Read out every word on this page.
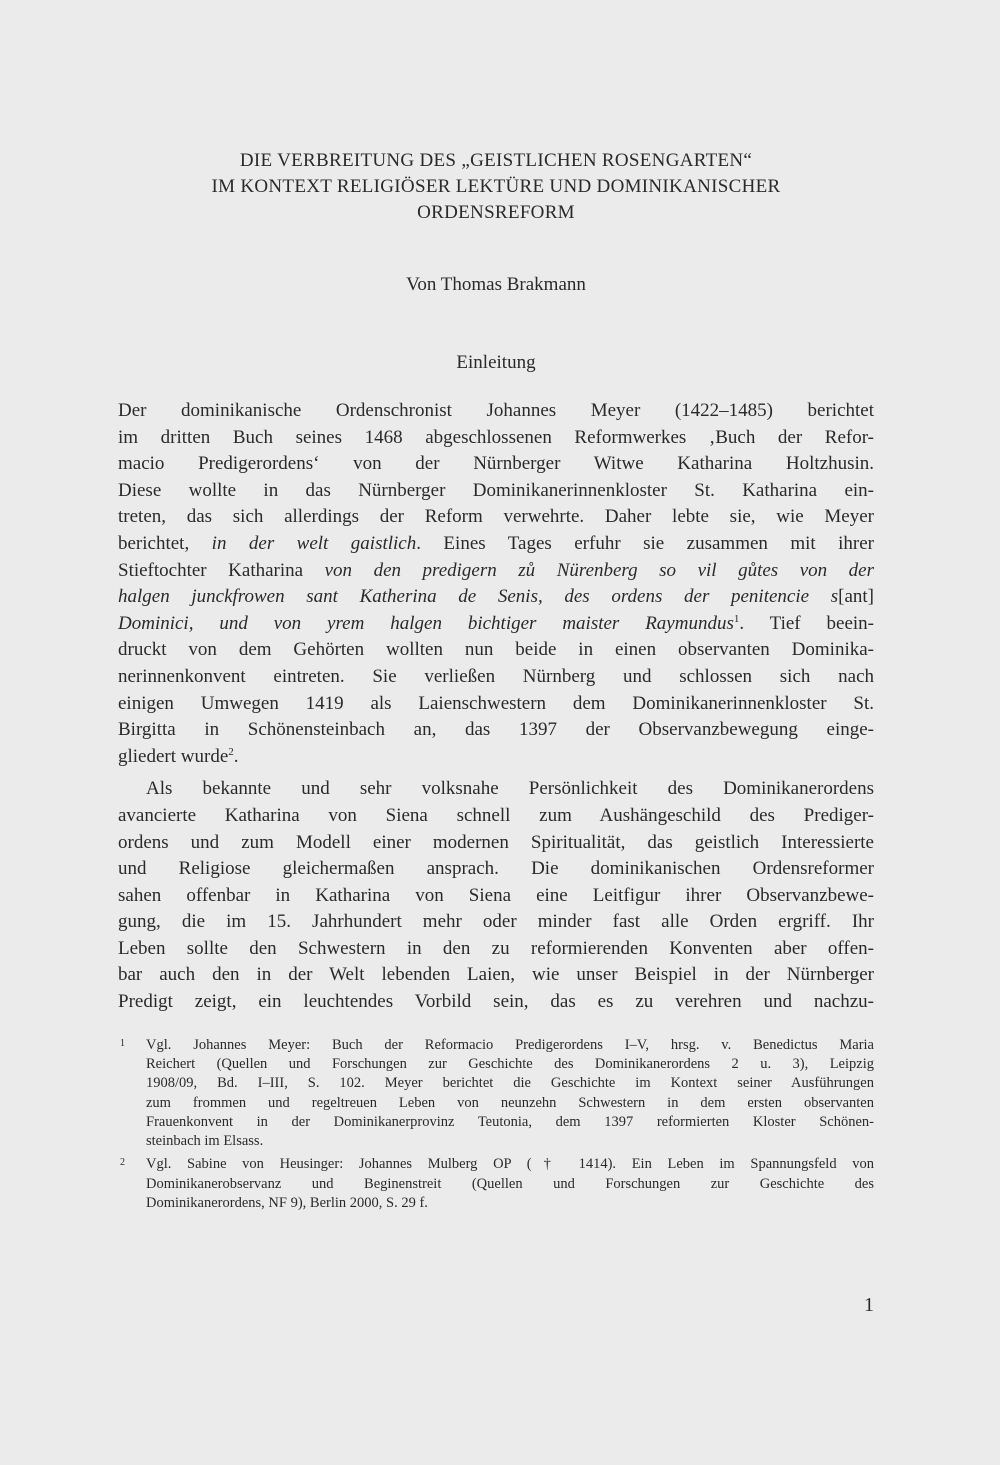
DIE VERBREITUNG DES „GEISTLICHEN ROSENGARTEN“
IM KONTEXT RELIGIÖSER LEKTÜRE UND DOMINIKANISCHER
ORDENSREFORM
Von Thomas Brakmann
Einleitung
Der dominikanische Ordenschronist Johannes Meyer (1422–1485) berichtet
im dritten Buch seines 1468 abgeschlossenen Reformwerkes ‚Buch der Refor-
macio Predigerordens‘ von der Nürnberger Witwe Katharina Holtzhusin.
Diese wollte in das Nürnberger Dominikanerinnenkloster St. Katharina ein-
treten, das sich allerdings der Reform verwehrte. Daher lebte sie, wie Meyer
berichtet, in der welt gaistlich. Eines Tages erfuhr sie zusammen mit ihrer
Stieftochter Katharina von den predigern zů Nürenberg so vil gůtes von der
halgen junckfrowen sant Katherina de Senis, des ordens der penitencie s[ant]
Dominici, und von yrem halgen bichtiger maister Raymundus$^1$. Tief beein-
druckt von dem Gehörten wollten nun beide in einen observanten Dominika-
nerinnenkonvent eintreten. Sie verließen Nürnberg und schlossen sich nach
einigen Umwegen 1419 als Laienschwestern dem Dominikanerinnenkloster St.
Birgitta in Schönensteinbach an, das 1397 der Observanzbewegung einge-
gliedert wurde$^2$.
Als bekannte und sehr volksnahe Persönlichkeit des Dominikanerordens
avancierte Katharina von Siena schnell zum Aushängeschild des Prediger-
ordens und zum Modell einer modernen Spiritualität, das geistlich Interessierte
und Religiose gleichermaßen ansprach. Die dominikanischen Ordensreformer
sahen offenbar in Katharina von Siena eine Leitfigur ihrer Observanzbewe-
gung, die im 15. Jahrhundert mehr oder minder fast alle Orden ergriff. Ihr
Leben sollte den Schwestern in den zu reformierenden Konventen aber offen-
bar auch den in der Welt lebenden Laien, wie unser Beispiel in der Nürnberger
Predigt zeigt, ein leuchtendes Vorbild sein, das es zu verehren und nachzu-
1 Vgl. Johannes Meyer: Buch der Reformacio Predigerordens I–V, hrsg. v. Benedictus Maria
Reichert (Quellen und Forschungen zur Geschichte des Dominikanerordens 2 u. 3), Leipzig
1908/09, Bd. I–III, S. 102. Meyer berichtet die Geschichte im Kontext seiner Ausführungen
zum frommen und regeltreuen Leben von neunzehn Schwestern in dem ersten observanten
Frauenkonvent in der Dominikanerprovinz Teutonia, dem 1397 reformierten Kloster Schönen-
steinbach im Elsass.
2 Vgl. Sabine von Heusinger: Johannes Mulberg OP († 1414). Ein Leben im Spannungsfeld von
Dominikanerobservanz und Beginenstreit (Quellen und Forschungen zur Geschichte des
Dominikanerordens, NF 9), Berlin 2000, S. 29 f.
1
